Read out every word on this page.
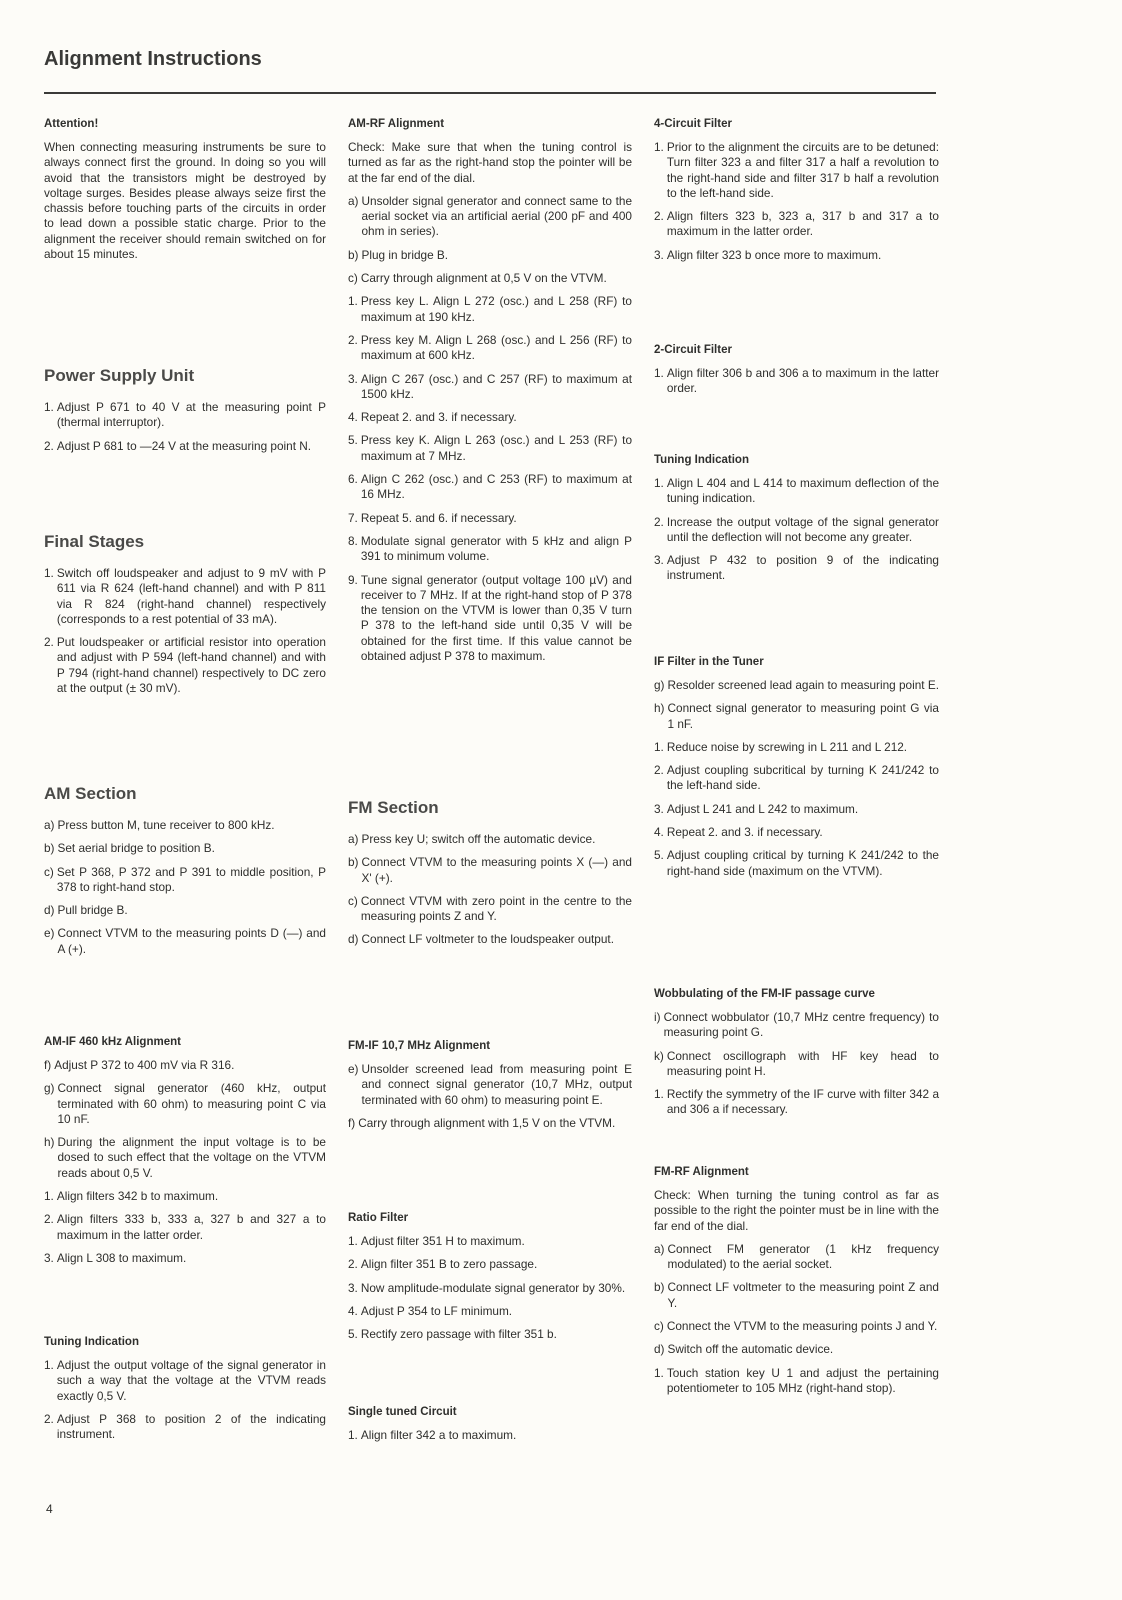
Alignment Instructions
Attention!

When connecting measuring instruments be sure to always connect first the ground. In doing so you will avoid that the transistors might be destroyed by voltage surges. Besides please always seize first the chassis before touching parts of the circuits in order to lead down a possible static charge. Prior to the alignment the receiver should remain switched on for about 15 minutes.

Power Supply Unit
1. Adjust P 671 to 40 V at the measuring point P (thermal interruptor).
2. Adjust P 681 to —24 V at the measuring point N.
Final Stages
1. Switch off loudspeaker and adjust to 9 mV with P 611 via R 624 (left-hand channel) and with P 811 via R 824 (right-hand channel) respectively (corresponds to a rest potential of 33 mA).
2. Put loudspeaker or artificial resistor into operation and adjust with P 594 (left-hand channel) and with P 794 (right-hand channel) respectively to DC zero at the output (± 30 mV).
AM Section
a) Press button M, tune receiver to 800 kHz.
b) Set aerial bridge to position B.
c) Set P 368, P 372 and P 391 to middle position, P 378 to right-hand stop.
d) Pull bridge B.
e) Connect VTVM to the measuring points D (—) and A (+).
AM-IF 460 kHz Alignment
f) Adjust P 372 to 400 mV via R 316.
g) Connect signal generator (460 kHz, output terminated with 60 ohm) to measuring point C via 10 nF.
h) During the alignment the input voltage is to be dosed to such effect that the voltage on the VTVM reads about 0,5 V.
1. Align filters 342 b to maximum.
2. Align filters 333 b, 333 a, 327 b and 327 a to maximum in the latter order.
3. Align L 308 to maximum.
Tuning Indication
1. Adjust the output voltage of the signal generator in such a way that the voltage at the VTVM reads exactly 0,5 V.
2. Adjust P 368 to position 2 of the indicating instrument.
AM-RF Alignment

Check: Make sure that when the tuning control is turned as far as the right-hand stop the pointer will be at the far end of the dial.

a) Unsolder signal generator and connect same to the aerial socket via an artificial aerial (200 pF and 400 ohm in series).
b) Plug in bridge B.
c) Carry through alignment at 0,5 V on the VTVM.
1. Press key L. Align L 272 (osc.) and L 258 (RF) to maximum at 190 kHz.
2. Press key M. Align L 268 (osc.) and L 256 (RF) to maximum at 600 kHz.
3. Align C 267 (osc.) and C 257 (RF) to maximum at 1500 kHz.
4. Repeat 2. and 3. if necessary.
5. Press key K. Align L 263 (osc.) and L 253 (RF) to maximum at 7 MHz.
6. Align C 262 (osc.) and C 253 (RF) to maximum at 16 MHz.
7. Repeat 5. and 6. if necessary.
8. Modulate signal generator with 5 kHz and align P 391 to minimum volume.
9. Tune signal generator (output voltage 100 µV) and receiver to 7 MHz. If at the right-hand stop of P 378 the tension on the VTVM is lower than 0,35 V turn P 378 to the left-hand side until 0,35 V will be obtained for the first time. If this value cannot be obtained adjust P 378 to maximum.
FM Section
a) Press key U; switch off the automatic device.
b) Connect VTVM to the measuring points X (—) and X' (+).
c) Connect VTVM with zero point in the centre to the measuring points Z and Y.
d) Connect LF voltmeter to the loudspeaker output.
FM-IF 10,7 MHz Alignment
e) Unsolder screened lead from measuring point E and connect signal generator (10,7 MHz, output terminated with 60 ohm) to measuring point E.
f) Carry through alignment with 1,5 V on the VTVM.
Ratio Filter
1. Adjust filter 351 H to maximum.
2. Align filter 351 B to zero passage.
3. Now amplitude-modulate signal generator by 30%.
4. Adjust P 354 to LF minimum.
5. Rectify zero passage with filter 351 b.
Single tuned Circuit
1. Align filter 342 a to maximum.
4-Circuit Filter
1. Prior to the alignment the circuits are to be detuned: Turn filter 323 a and filter 317 a half a revolution to the right-hand side and filter 317 b half a revolution to the left-hand side.
2. Align filters 323 b, 323 a, 317 b and 317 a to maximum in the latter order.
3. Align filter 323 b once more to maximum.
2-Circuit Filter
1. Align filter 306 b and 306 a to maximum in the latter order.
Tuning Indication
1. Align L 404 and L 414 to maximum deflection of the tuning indication.
2. Increase the output voltage of the signal generator until the deflection will not become any greater.
3. Adjust P 432 to position 9 of the indicating instrument.
IF Filter in the Tuner
g) Resolder screened lead again to measuring point E.
h) Connect signal generator to measuring point G via 1 nF.
1. Reduce noise by screwing in L 211 and L 212.
2. Adjust coupling subcritical by turning K 241/242 to the left-hand side.
3. Adjust L 241 and L 242 to maximum.
4. Repeat 2. and 3. if necessary.
5. Adjust coupling critical by turning K 241/242 to the right-hand side (maximum on the VTVM).
Wobbulating of the FM-IF passage curve
i) Connect wobbulator (10,7 MHz centre frequency) to measuring point G.
k) Connect oscillograph with HF key head to measuring point H.
1. Rectify the symmetry of the IF curve with filter 342 a and 306 a if necessary.
FM-RF Alignment

Check: When turning the tuning control as far as possible to the right the pointer must be in line with the far end of the dial.

a) Connect FM generator (1 kHz frequency modulated) to the aerial socket.
b) Connect LF voltmeter to the measuring point Z and Y.
c) Connect the VTVM to the measuring points J and Y.
d) Switch off the automatic device.
1. Touch station key U 1 and adjust the pertaining potentiometer to 105 MHz (right-hand stop).
4
